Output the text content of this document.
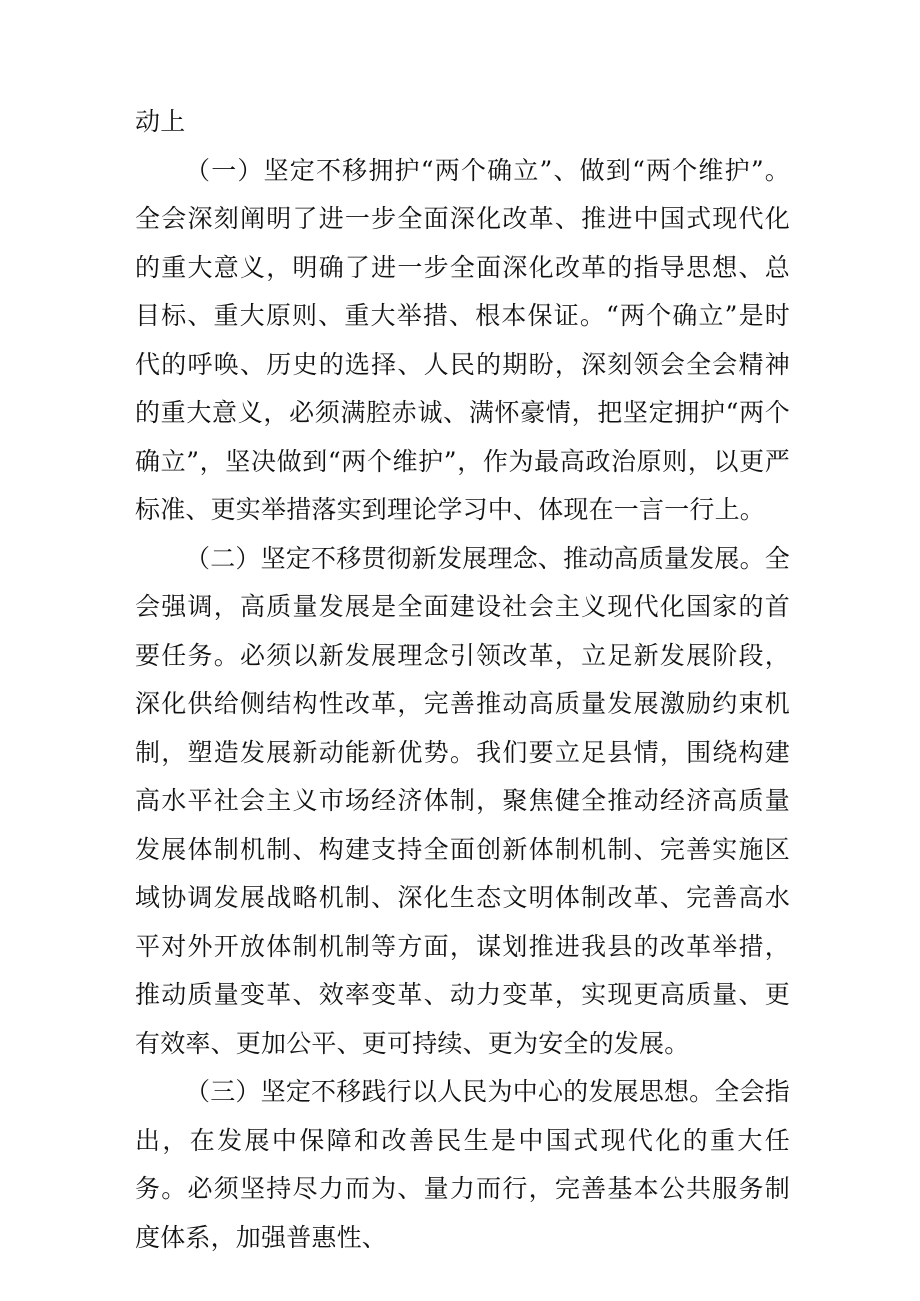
动上

（一）坚定不移拥护“两个确立”、做到“两个维护”。全会深刻阐明了进一步全面深化改革、推进中国式现代化的重大意义，明确了进一步全面深化改革的指导思想、总目标、重大原则、重大举措、根本保证。“两个确立”是时代的呼唤、历史的选择、人民的期盼，深刻领会全会精神的重大意义，必须满腔赤诚、满怀豪情，把坚定拥护“两个确立”，坚决做到“两个维护”，作为最高政治原则，以更严标准、更实举措落实到理论学习中、体现在一言一行上。

（二）坚定不移贯彻新发展理念、推动高质量发展。全会强调，高质量发展是全面建设社会主义现代化国家的首要任务。必须以新发展理念引领改革，立足新发展阶段，深化供给侧结构性改革，完善推动高质量发展激励约束机制，塑造发展新动能新优势。我们要立足县情，围绕构建高水平社会主义市场经济体制，聚焦健全推动经济高质量发展体制机制、构建支持全面创新体制机制、完善实施区域协调发展战略机制、深化生态文明体制改革、完善高水平对外开放体制机制等方面，谋划推进我县的改革举措，推动质量变革、效率变革、动力变革，实现更高质量、更有效率、更加公平、更可持续、更为安全的发展。

（三）坚定不移践行以人民为中心的发展思想。全会指出，在发展中保障和改善民生是中国式现代化的重大任务。必须坚持尽力而为、量力而行，完善基本公共服务制度体系，加强普惠性、
